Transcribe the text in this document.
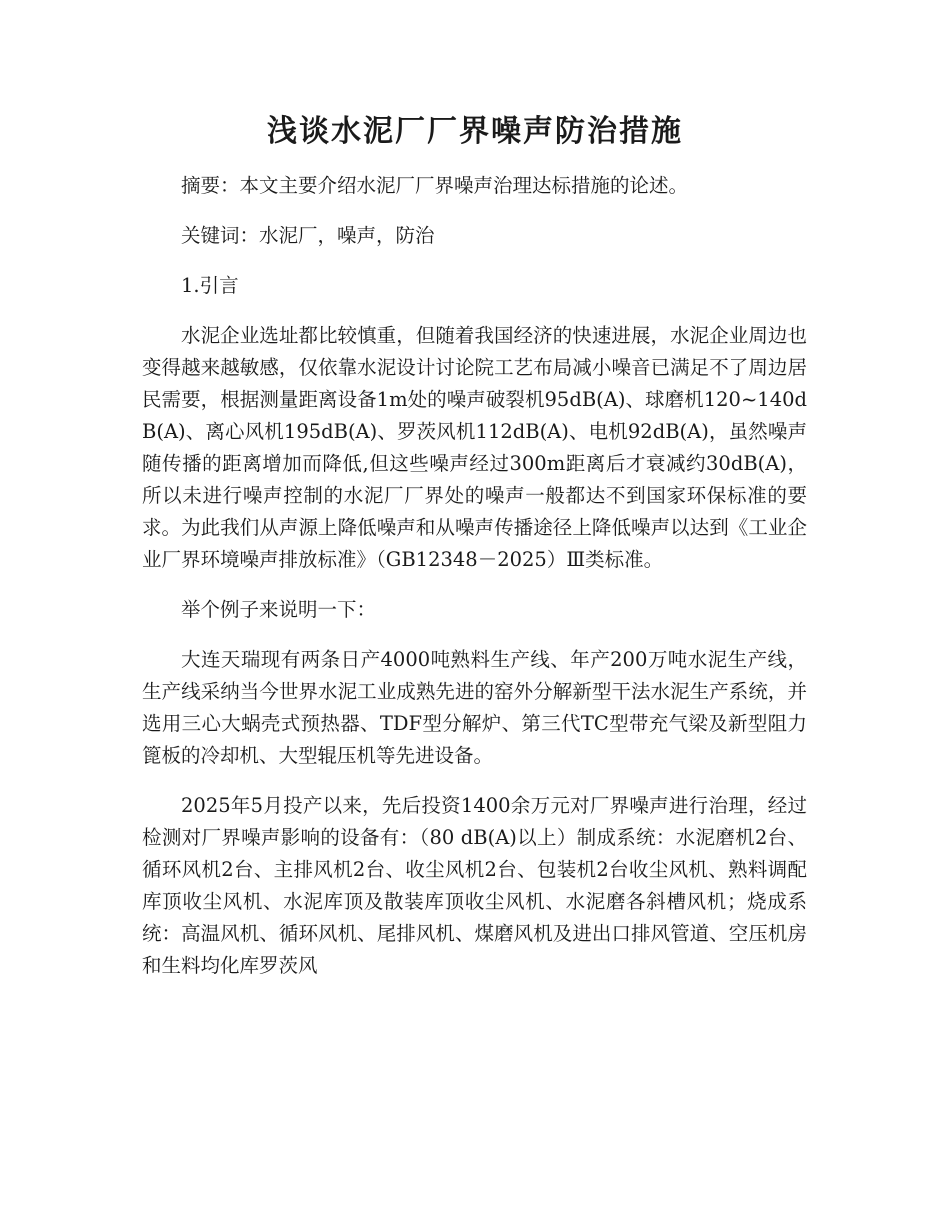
浅谈水泥厂厂界噪声防治措施

摘要：本文主要介绍水泥厂厂界噪声治理达标措施的论述。

关键词：水泥厂，噪声，防治

1.引言

水泥企业选址都比较慎重，但随着我国经济的快速进展，水泥企业周边也变得越来越敏感，仅依靠水泥设计讨论院工艺布局减小噪音已满足不了周边居民需要，根据测量距离设备1m处的噪声破裂机95dB(A)、球磨机120~140dB(A)、离心风机195dB(A)、罗茨风机112dB(A)、电机92dB(A)，虽然噪声随传播的距离增加而降低,但这些噪声经过300m距离后才衰减约30dB(A)，所以未进行噪声控制的水泥厂厂界处的噪声一般都达不到国家环保标准的要求。为此我们从声源上降低噪声和从噪声传播途径上降低噪声以达到《工业企业厂界环境噪声排放标准》（GB12348－2025）Ⅲ类标准。

举个例子来说明一下：

大连天瑞现有两条日产4000吨熟料生产线、年产200万吨水泥生产线，生产线采纳当今世界水泥工业成熟先进的窑外分解新型干法水泥生产系统，并选用三心大蜗壳式预热器、TDF型分解炉、第三代TC型带充气梁及新型阻力篦板的冷却机、大型辊压机等先进设备。

2025年5月投产以来，先后投资1400余万元对厂界噪声进行治理，经过检测对厂界噪声影响的设备有：（80 dB(A)以上）制成系统：水泥磨机2台、循环风机2台、主排风机2台、收尘风机2台、包装机2台收尘风机、熟料调配库顶收尘风机、水泥库顶及散装库顶收尘风机、水泥磨各斜槽风机；烧成系统：高温风机、循环风机、尾排风机、煤磨风机及进出口排风管道、空压机房和生料均化库罗茨风
